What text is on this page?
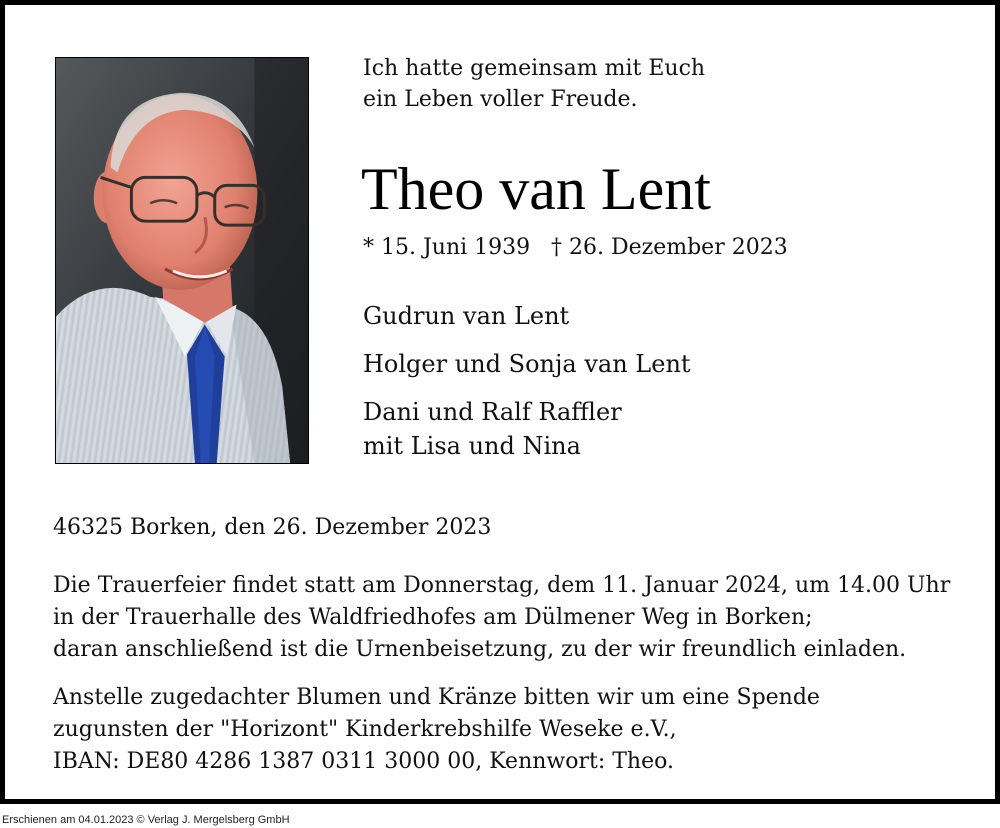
Ich hatte gemeinsam mit Euch
ein Leben voller Freude.
Theo van Lent
* 15. Juni 1939 † 26. Dezember 2023
Gudrun van Lent
Holger und Sonja van Lent
Dani und Ralf Raffler
mit Lisa und Nina
46325 Borken, den 26. Dezember 2023
Die Trauerfeier findet statt am Donnerstag, dem 11. Januar 2024, um 14.00 Uhr
in der Trauerhalle des Waldfriedhofes am Dülmener Weg in Borken;
daran anschließend ist die Urnenbeisetzung, zu der wir freundlich einladen.
Anstelle zugedachter Blumen und Kränze bitten wir um eine Spende
zugunsten der "Horizont" Kinderkrebshilfe Weseke e.V.,
IBAN: DE80 4286 1387 0311 3000 00, Kennwort: Theo.
Erschienen am 04.01.2023 © Verlag J. Mergelsberg GmbH
